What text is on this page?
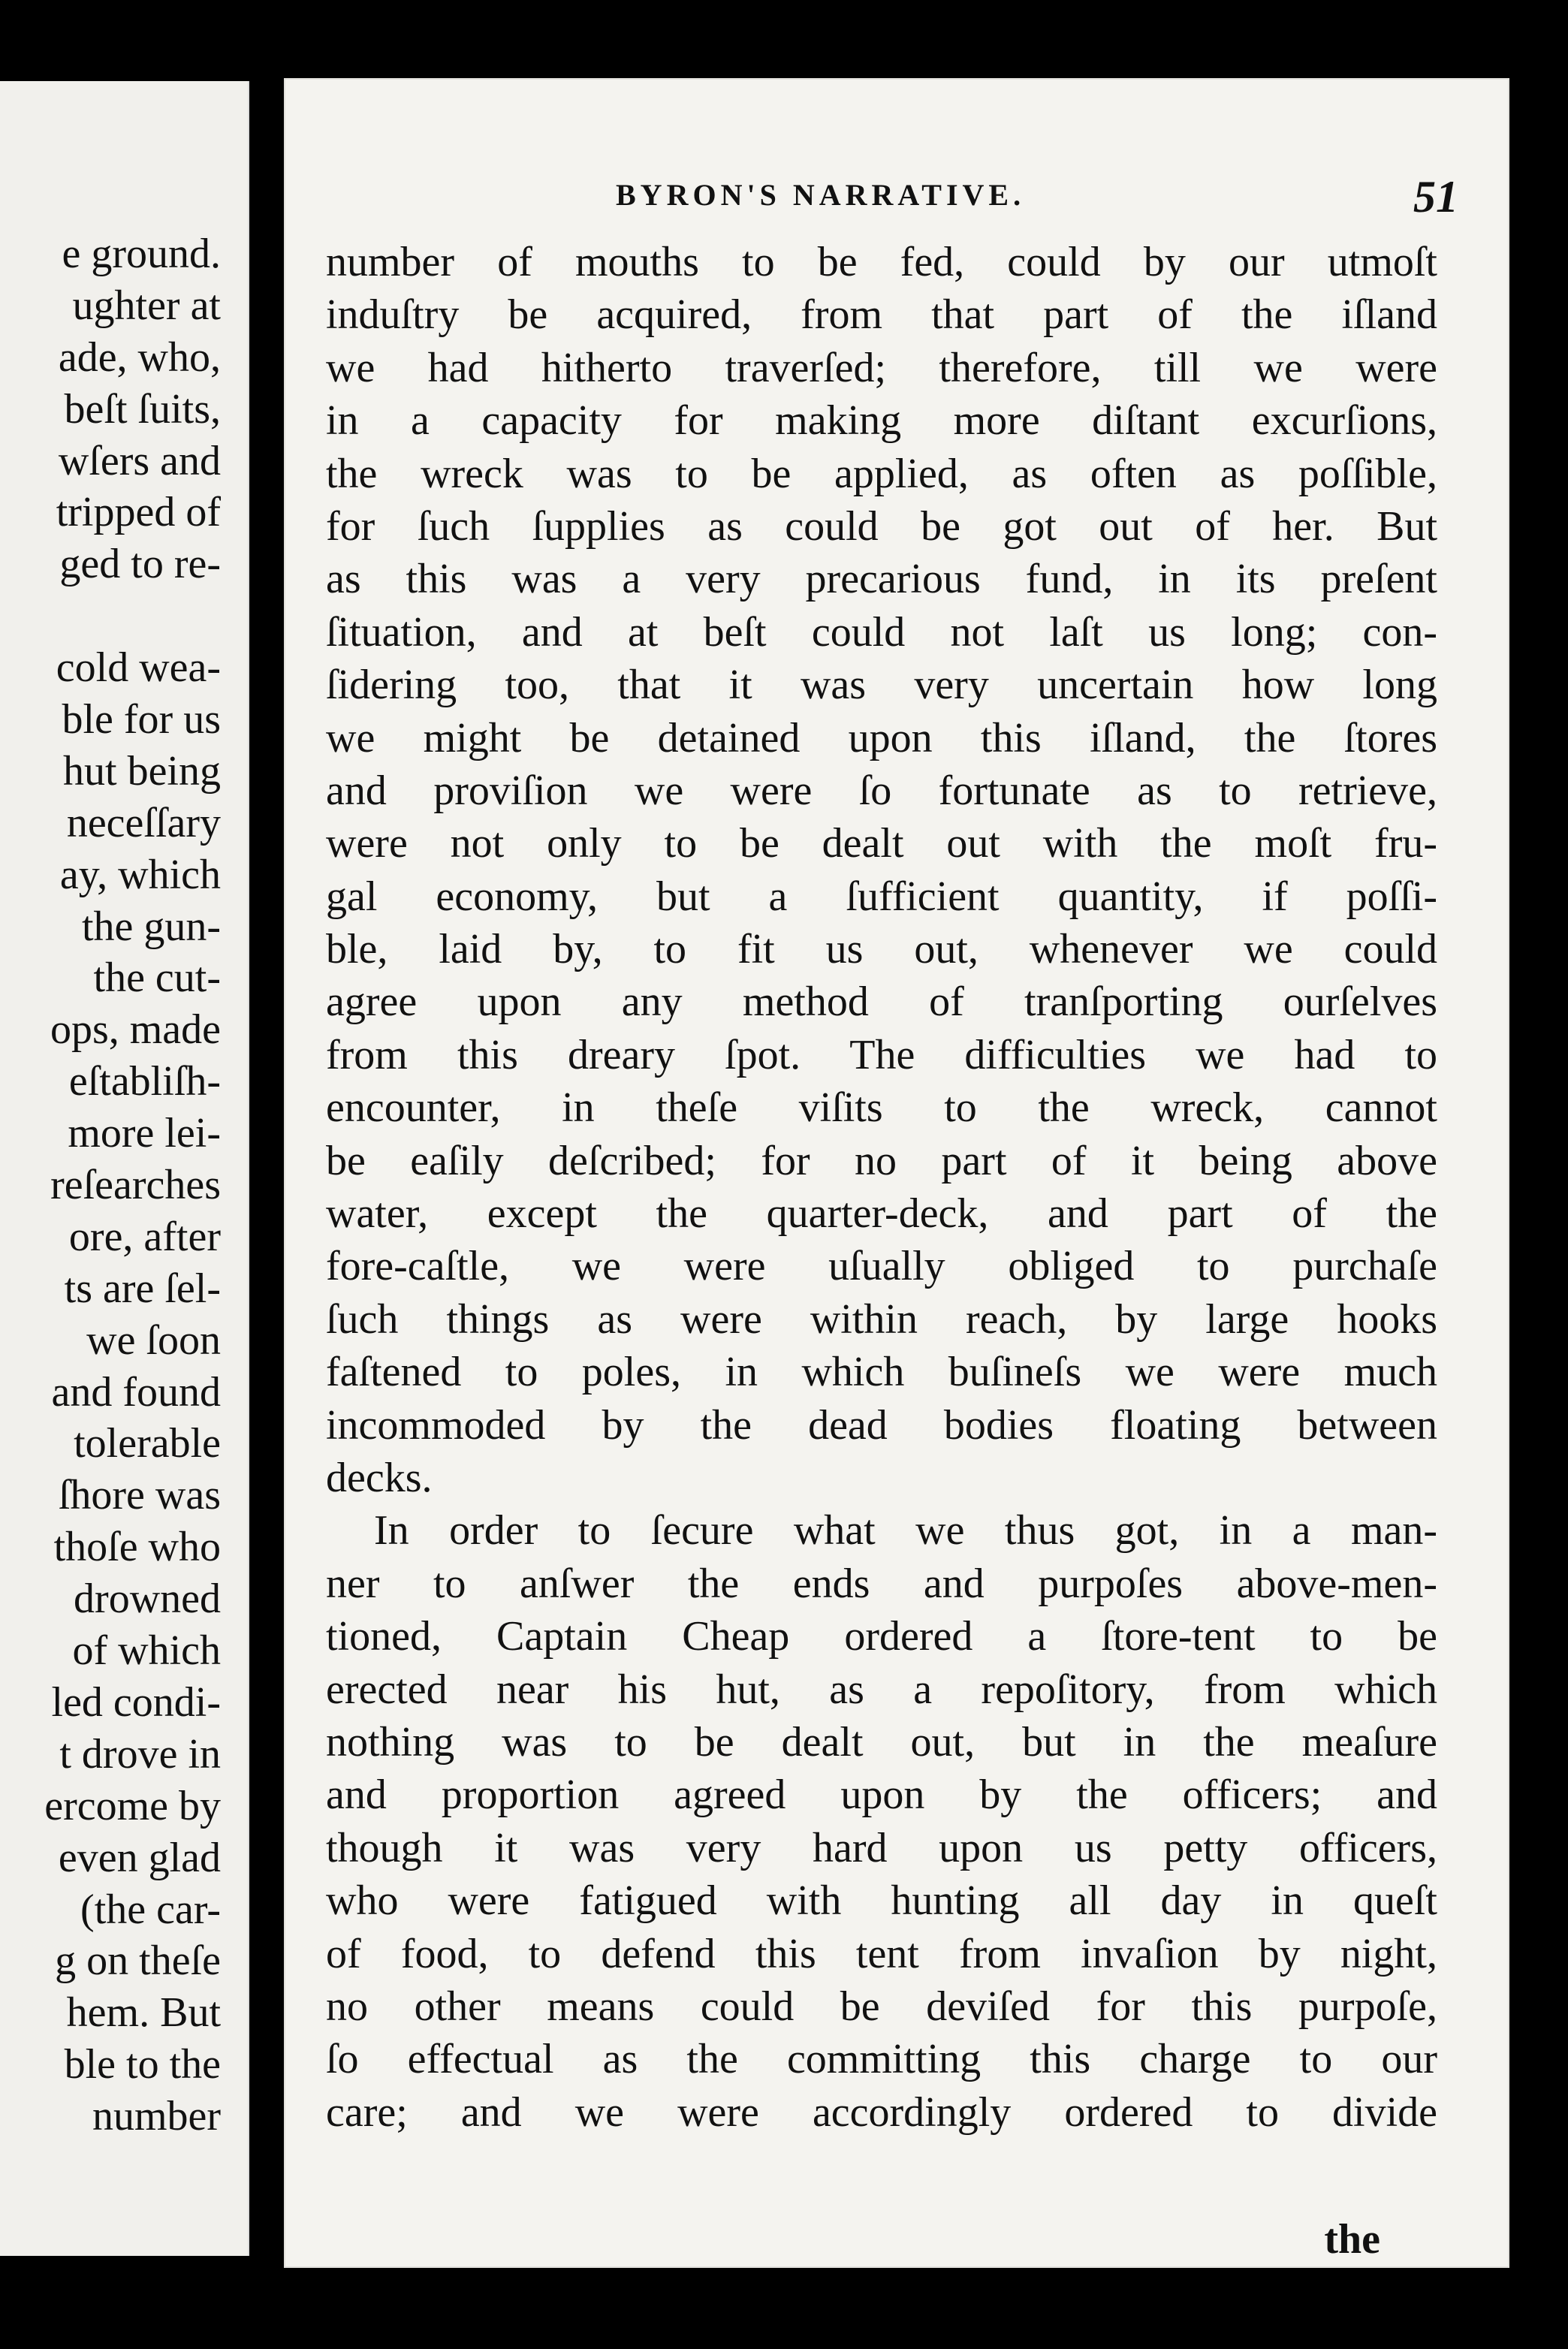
e ground.
ughter at
ade, who,
beſt ſuits,
wſers and
tripped of
ged to re-
cold wea-
ble for us
hut being
neceſſary
ay, which
the gun-
the cut-
ops, made
eſtabliſh-
more lei-
reſearches
ore, after
ts are ſel-
we ſoon
and found
tolerable
ſhore was
thoſe who
drowned
of which
led condi-
t drove in
ercome by
even glad
(the car-
g on theſe
hem. But
ble to the
number
BYRON'S NARRATIVE.	51
number of mouths to be fed, could by our utmoſt
induſtry be acquired, from that part of the iſland
we had hitherto traverſed; therefore, till we were
in a capacity for making more diſtant excurſions,
the wreck was to be applied, as often as poſſible,
for ſuch ſupplies as could be got out of her. But
as this was a very precarious fund, in its preſent
ſituation, and at beſt could not laſt us long; con-
ſidering too, that it was very uncertain how long
we might be detained upon this iſland, the ſtores
and proviſion we were ſo fortunate as to retrieve,
were not only to be dealt out with the moſt fru-
gal economy, but a ſufficient quantity, if poſſi-
ble, laid by, to fit us out, whenever we could
agree upon any method of tranſporting ourſelves
from this dreary ſpot. The difficulties we had to
encounter, in theſe viſits to the wreck, cannot
be eaſily deſcribed; for no part of it being above
water, except the quarter-deck, and part of the
fore-caſtle, we were uſually obliged to purchaſe
ſuch things as were within reach, by large hooks
faſtened to poles, in which buſineſs we were much
incommoded by the dead bodies floating between
decks.
In order to ſecure what we thus got, in a man-
ner to anſwer the ends and purpoſes above-men-
tioned, Captain Cheap ordered a ſtore-tent to be
erected near his hut, as a repoſitory, from which
nothing was to be dealt out, but in the meaſure
and proportion agreed upon by the officers; and
though it was very hard upon us petty officers,
who were fatigued with hunting all day in queſt
of food, to defend this tent from invaſion by night,
no other means could be deviſed for this purpoſe,
ſo effectual as the committing this charge to our
care; and we were accordingly ordered to divide
the
